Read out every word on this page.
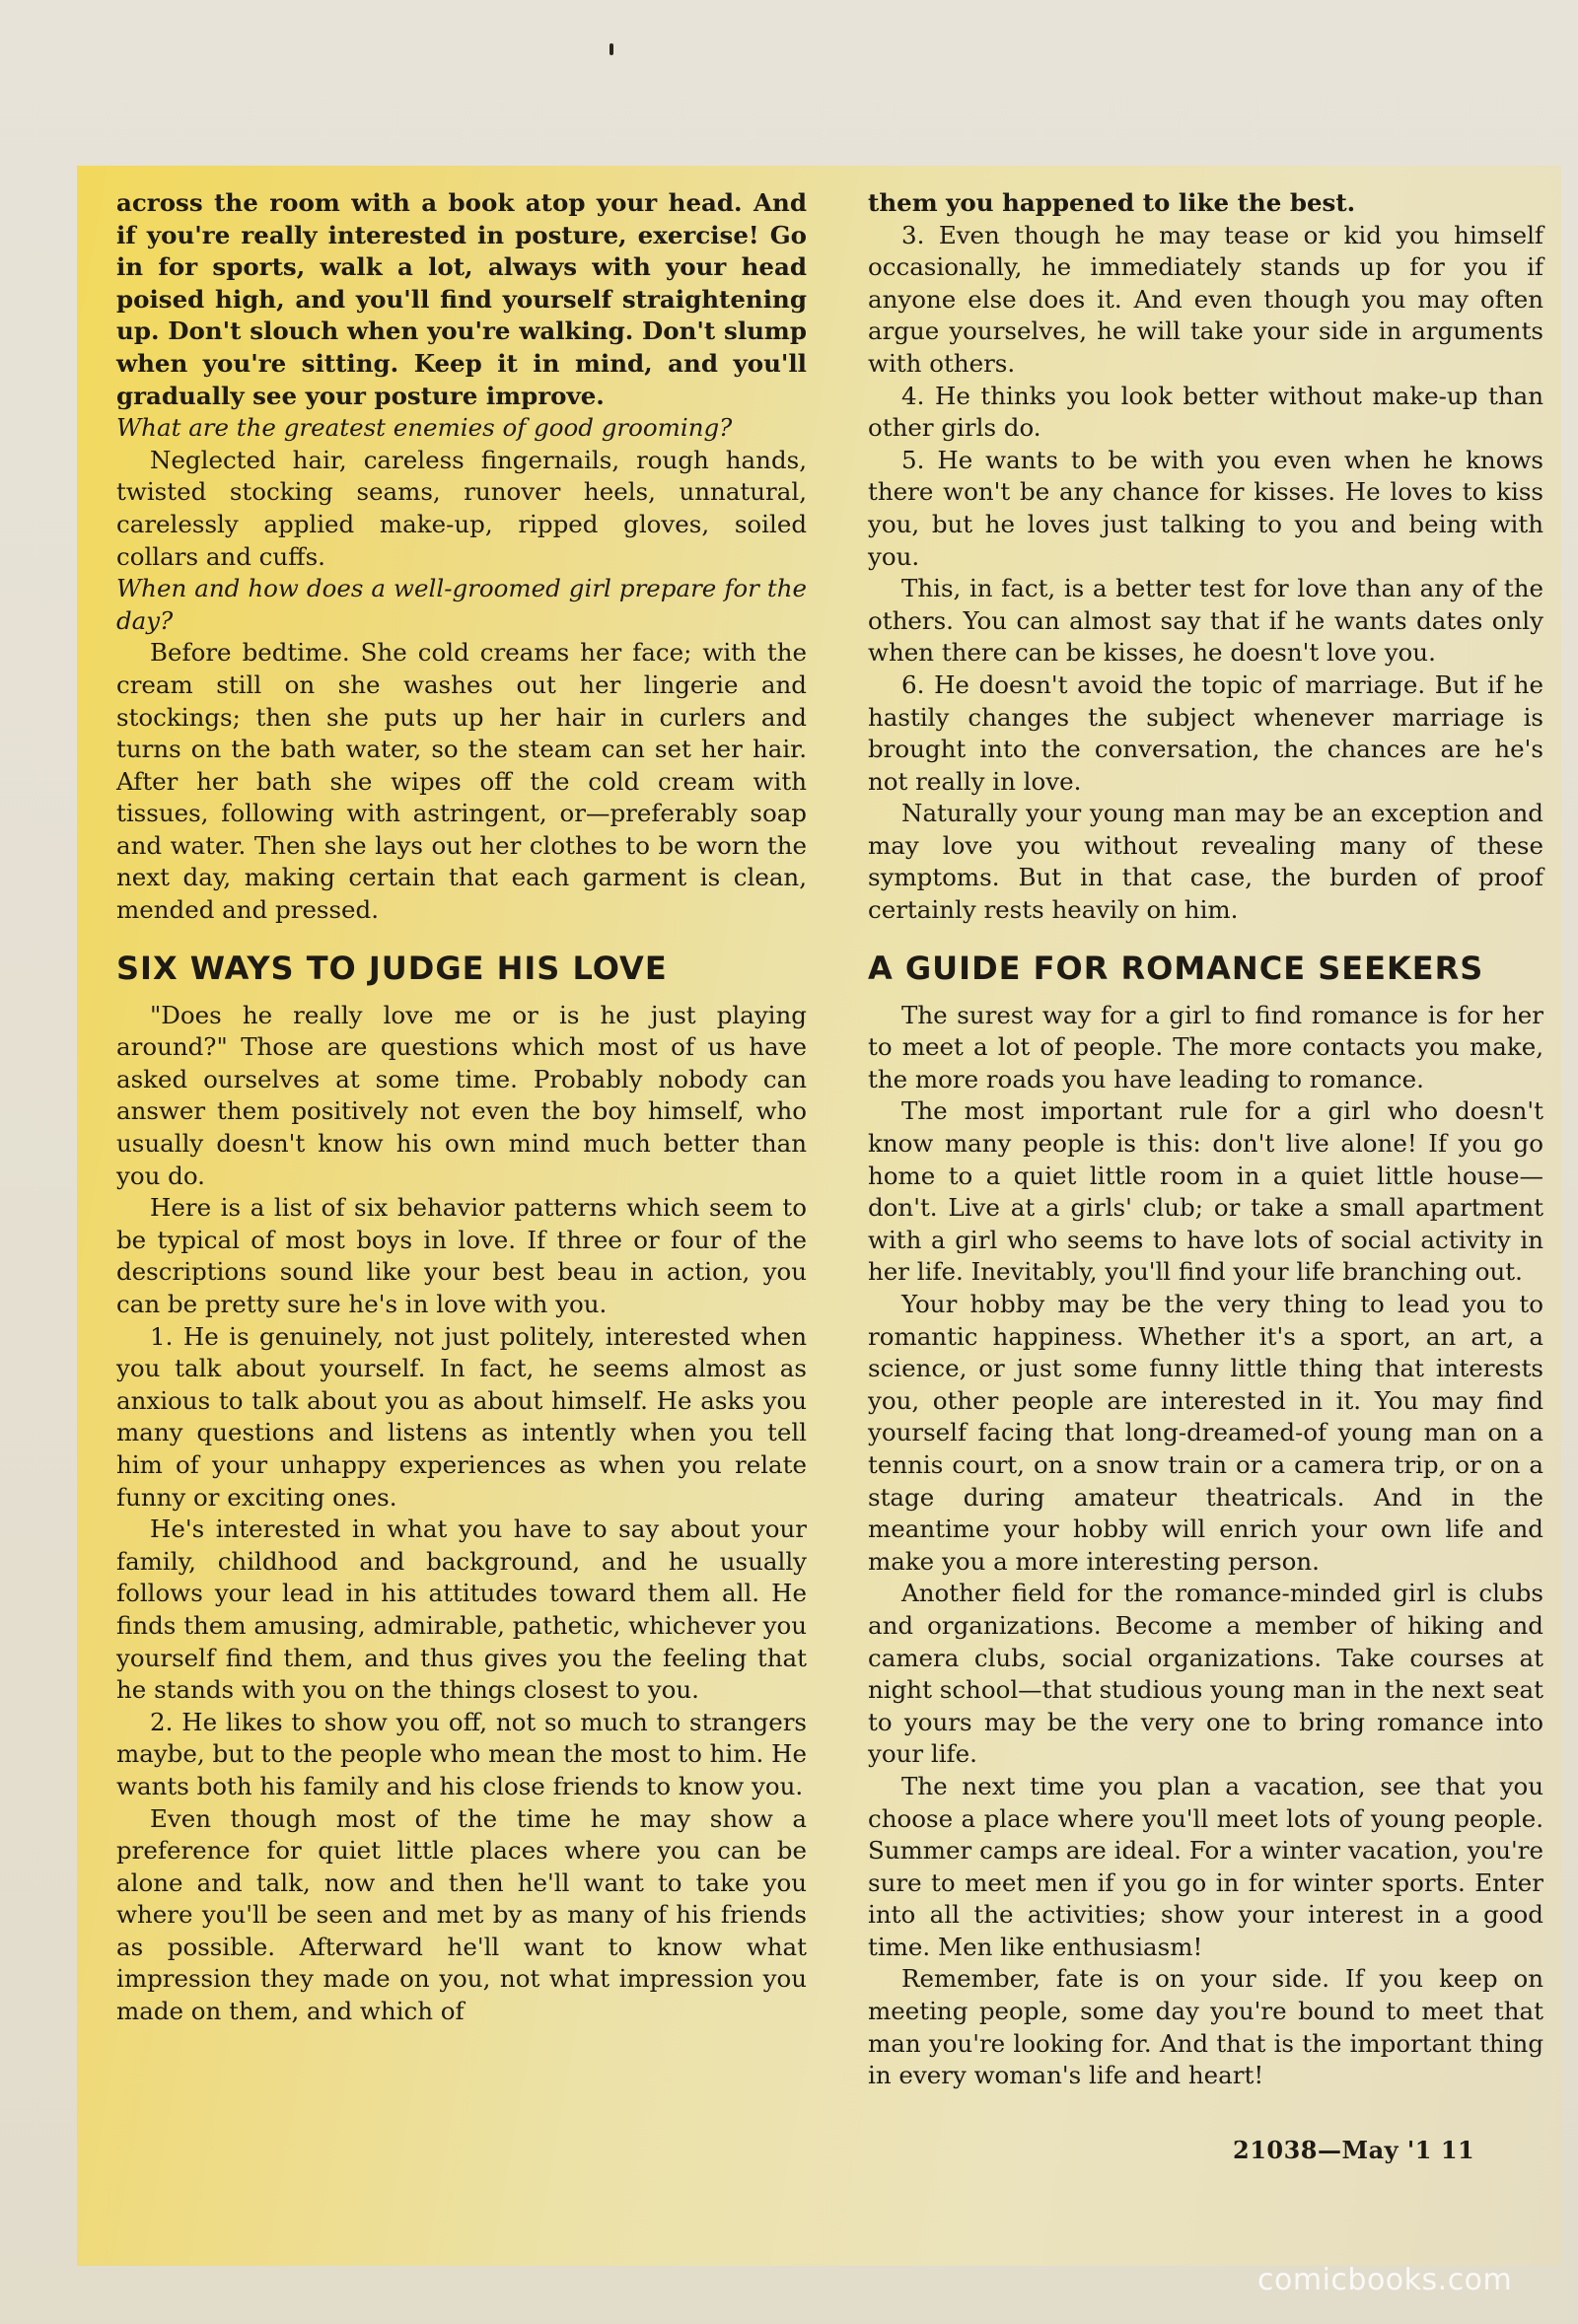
across the room with a book atop your head. And if you're really interested in posture, exercise! Go in for sports, walk a lot, always with your head poised high, and you'll find yourself straightening up. Don't slouch when you're walking. Don't slump when you're sitting. Keep it in mind, and you'll gradually see your posture improve.

What are the greatest enemies of good grooming?

Neglected hair, careless fingernails, rough hands, twisted stocking seams, runover heels, unnatural, carelessly applied make-up, ripped gloves, soiled collars and cuffs.

When and how does a well-groomed girl prepare for the day?

Before bedtime. She cold creams her face; with the cream still on she washes out her lingerie and stockings; then she puts up her hair in curlers and turns on the bath water, so the steam can set her hair. After her bath she wipes off the cold cream with tissues, following with astringent, or—preferably soap and water. Then she lays out her clothes to be worn the next day, making certain that each garment is clean, mended and pressed.

SIX WAYS TO JUDGE HIS LOVE

"Does he really love me or is he just playing around?" Those are questions which most of us have asked ourselves at some time. Probably nobody can answer them positively not even the boy himself, who usually doesn't know his own mind much better than you do.

Here is a list of six behavior patterns which seem to be typical of most boys in love. If three or four of the descriptions sound like your best beau in action, you can be pretty sure he's in love with you.

1. He is genuinely, not just politely, interested when you talk about yourself. In fact, he seems almost as anxious to talk about you as about himself. He asks you many questions and listens as intently when you tell him of your unhappy experiences as when you relate funny or exciting ones.

He's interested in what you have to say about your family, childhood and background, and he usually follows your lead in his attitudes toward them all. He finds them amusing, admirable, pathetic, whichever you yourself find them, and thus gives you the feeling that he stands with you on the things closest to you.

2. He likes to show you off, not so much to strangers maybe, but to the people who mean the most to him. He wants both his family and his close friends to know you.

Even though most of the time he may show a preference for quiet little places where you can be alone and talk, now and then he'll want to take you where you'll be seen and met by as many of his friends as possible. Afterward he'll want to know what impression they made on you, not what impression you made on them, and which of

them you happened to like the best.

3. Even though he may tease or kid you himself occasionally, he immediately stands up for you if anyone else does it. And even though you may often argue yourselves, he will take your side in arguments with others.

4. He thinks you look better without make-up than other girls do.

5. He wants to be with you even when he knows there won't be any chance for kisses. He loves to kiss you, but he loves just talking to you and being with you.

This, in fact, is a better test for love than any of the others. You can almost say that if he wants dates only when there can be kisses, he doesn't love you.

6. He doesn't avoid the topic of marriage. But if he hastily changes the subject whenever marriage is brought into the conversation, the chances are he's not really in love.

Naturally your young man may be an exception and may love you without revealing many of these symptoms. But in that case, the burden of proof certainly rests heavily on him.

A GUIDE FOR ROMANCE SEEKERS

The surest way for a girl to find romance is for her to meet a lot of people. The more contacts you make, the more roads you have leading to romance.

The most important rule for a girl who doesn't know many people is this: don't live alone! If you go home to a quiet little room in a quiet little house—don't. Live at a girls' club; or take a small apartment with a girl who seems to have lots of social activity in her life. Inevitably, you'll find your life branching out.

Your hobby may be the very thing to lead you to romantic happiness. Whether it's a sport, an art, a science, or just some funny little thing that interests you, other people are interested in it. You may find yourself facing that long-dreamed-of young man on a tennis court, on a snow train or a camera trip, or on a stage during amateur theatricals. And in the meantime your hobby will enrich your own life and make you a more interesting person.

Another field for the romance-minded girl is clubs and organizations. Become a member of hiking and camera clubs, social organizations. Take courses at night school—that studious young man in the next seat to yours may be the very one to bring romance into your life.

The next time you plan a vacation, see that you choose a place where you'll meet lots of young people. Summer camps are ideal. For a winter vacation, you're sure to meet men if you go in for winter sports. Enter into all the activities; show your interest in a good time. Men like enthusiasm!

Remember, fate is on your side. If you keep on meeting people, some day you're bound to meet that man you're looking for. And that is the important thing in every woman's life and heart!

21038—May '1 11
comicbooks.com
